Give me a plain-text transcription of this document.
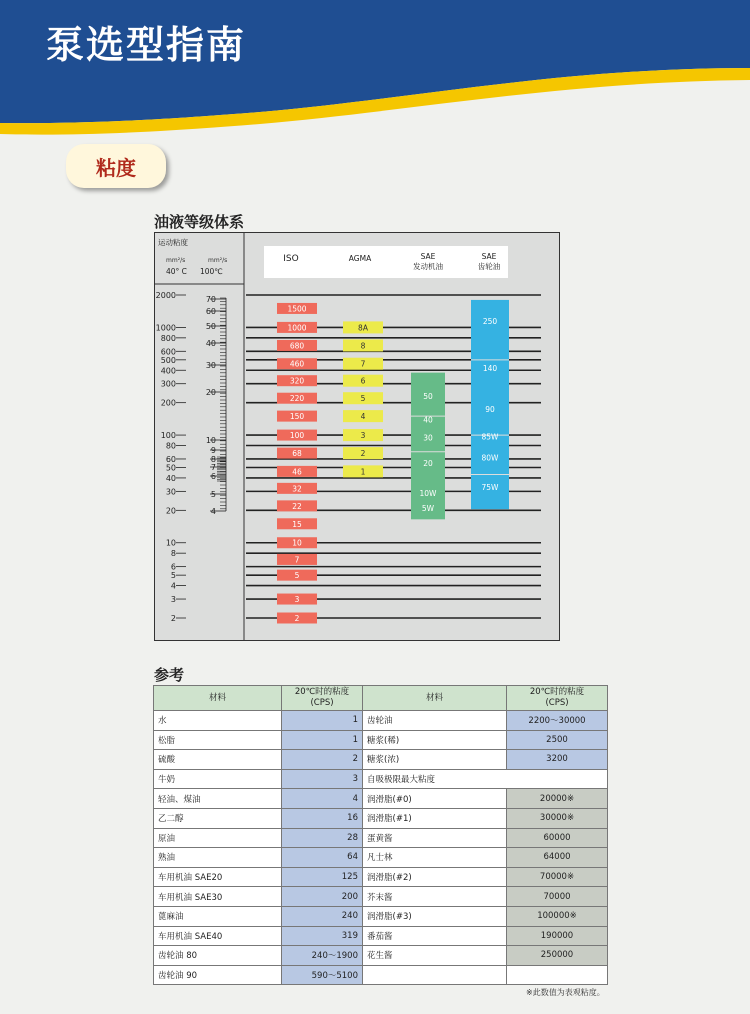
泵选型指南
粘度
油液等级体系
运动粘度
mm²/s	mm²/s
40° C 100℃
ISO	AGMA	SAE
发动机油
SAE
齿轮油
2000
1000
800
600
500
400
300
200
100
80
60
50
40
30
20
10
8
6
5
4
3
2
70
60
50
40
30
20
10
9
8
7
6
5
4
1500
1000
680
460
320
220
150
100
68
46
32
22
15
10
7
5
3
2
8A
8
7
6
5
4
3
2
1
50
40
30
20
10W
5W
250
140
90
85W
80W
75W
参考
材料	20℃时的粘度
(CPS)	材料	20℃时的粘度
(CPS)
水	1	齿轮油	2200～30000
松脂	1	糖浆(稀)	2500
硫酸	2	糖浆(浓)	3200
牛奶	3	自吸极限最大粘度	
轻油、煤油	4	润滑脂(#0)	20000※
乙二醇	16	润滑脂(#1)	30000※
原油	28	蛋黄酱	60000
熟油	64	凡士林	64000
车用机油 SAE20	125	润滑脂(#2)	70000※
车用机油 SAE30	200	芥末酱	70000
蓖麻油	240	润滑脂(#3)	100000※
车用机油 SAE40	319	番茄酱	190000
齿轮油 80	240～1900	花生酱	250000
齿轮油 90	590～5100		
※此数值为表观粘度。
